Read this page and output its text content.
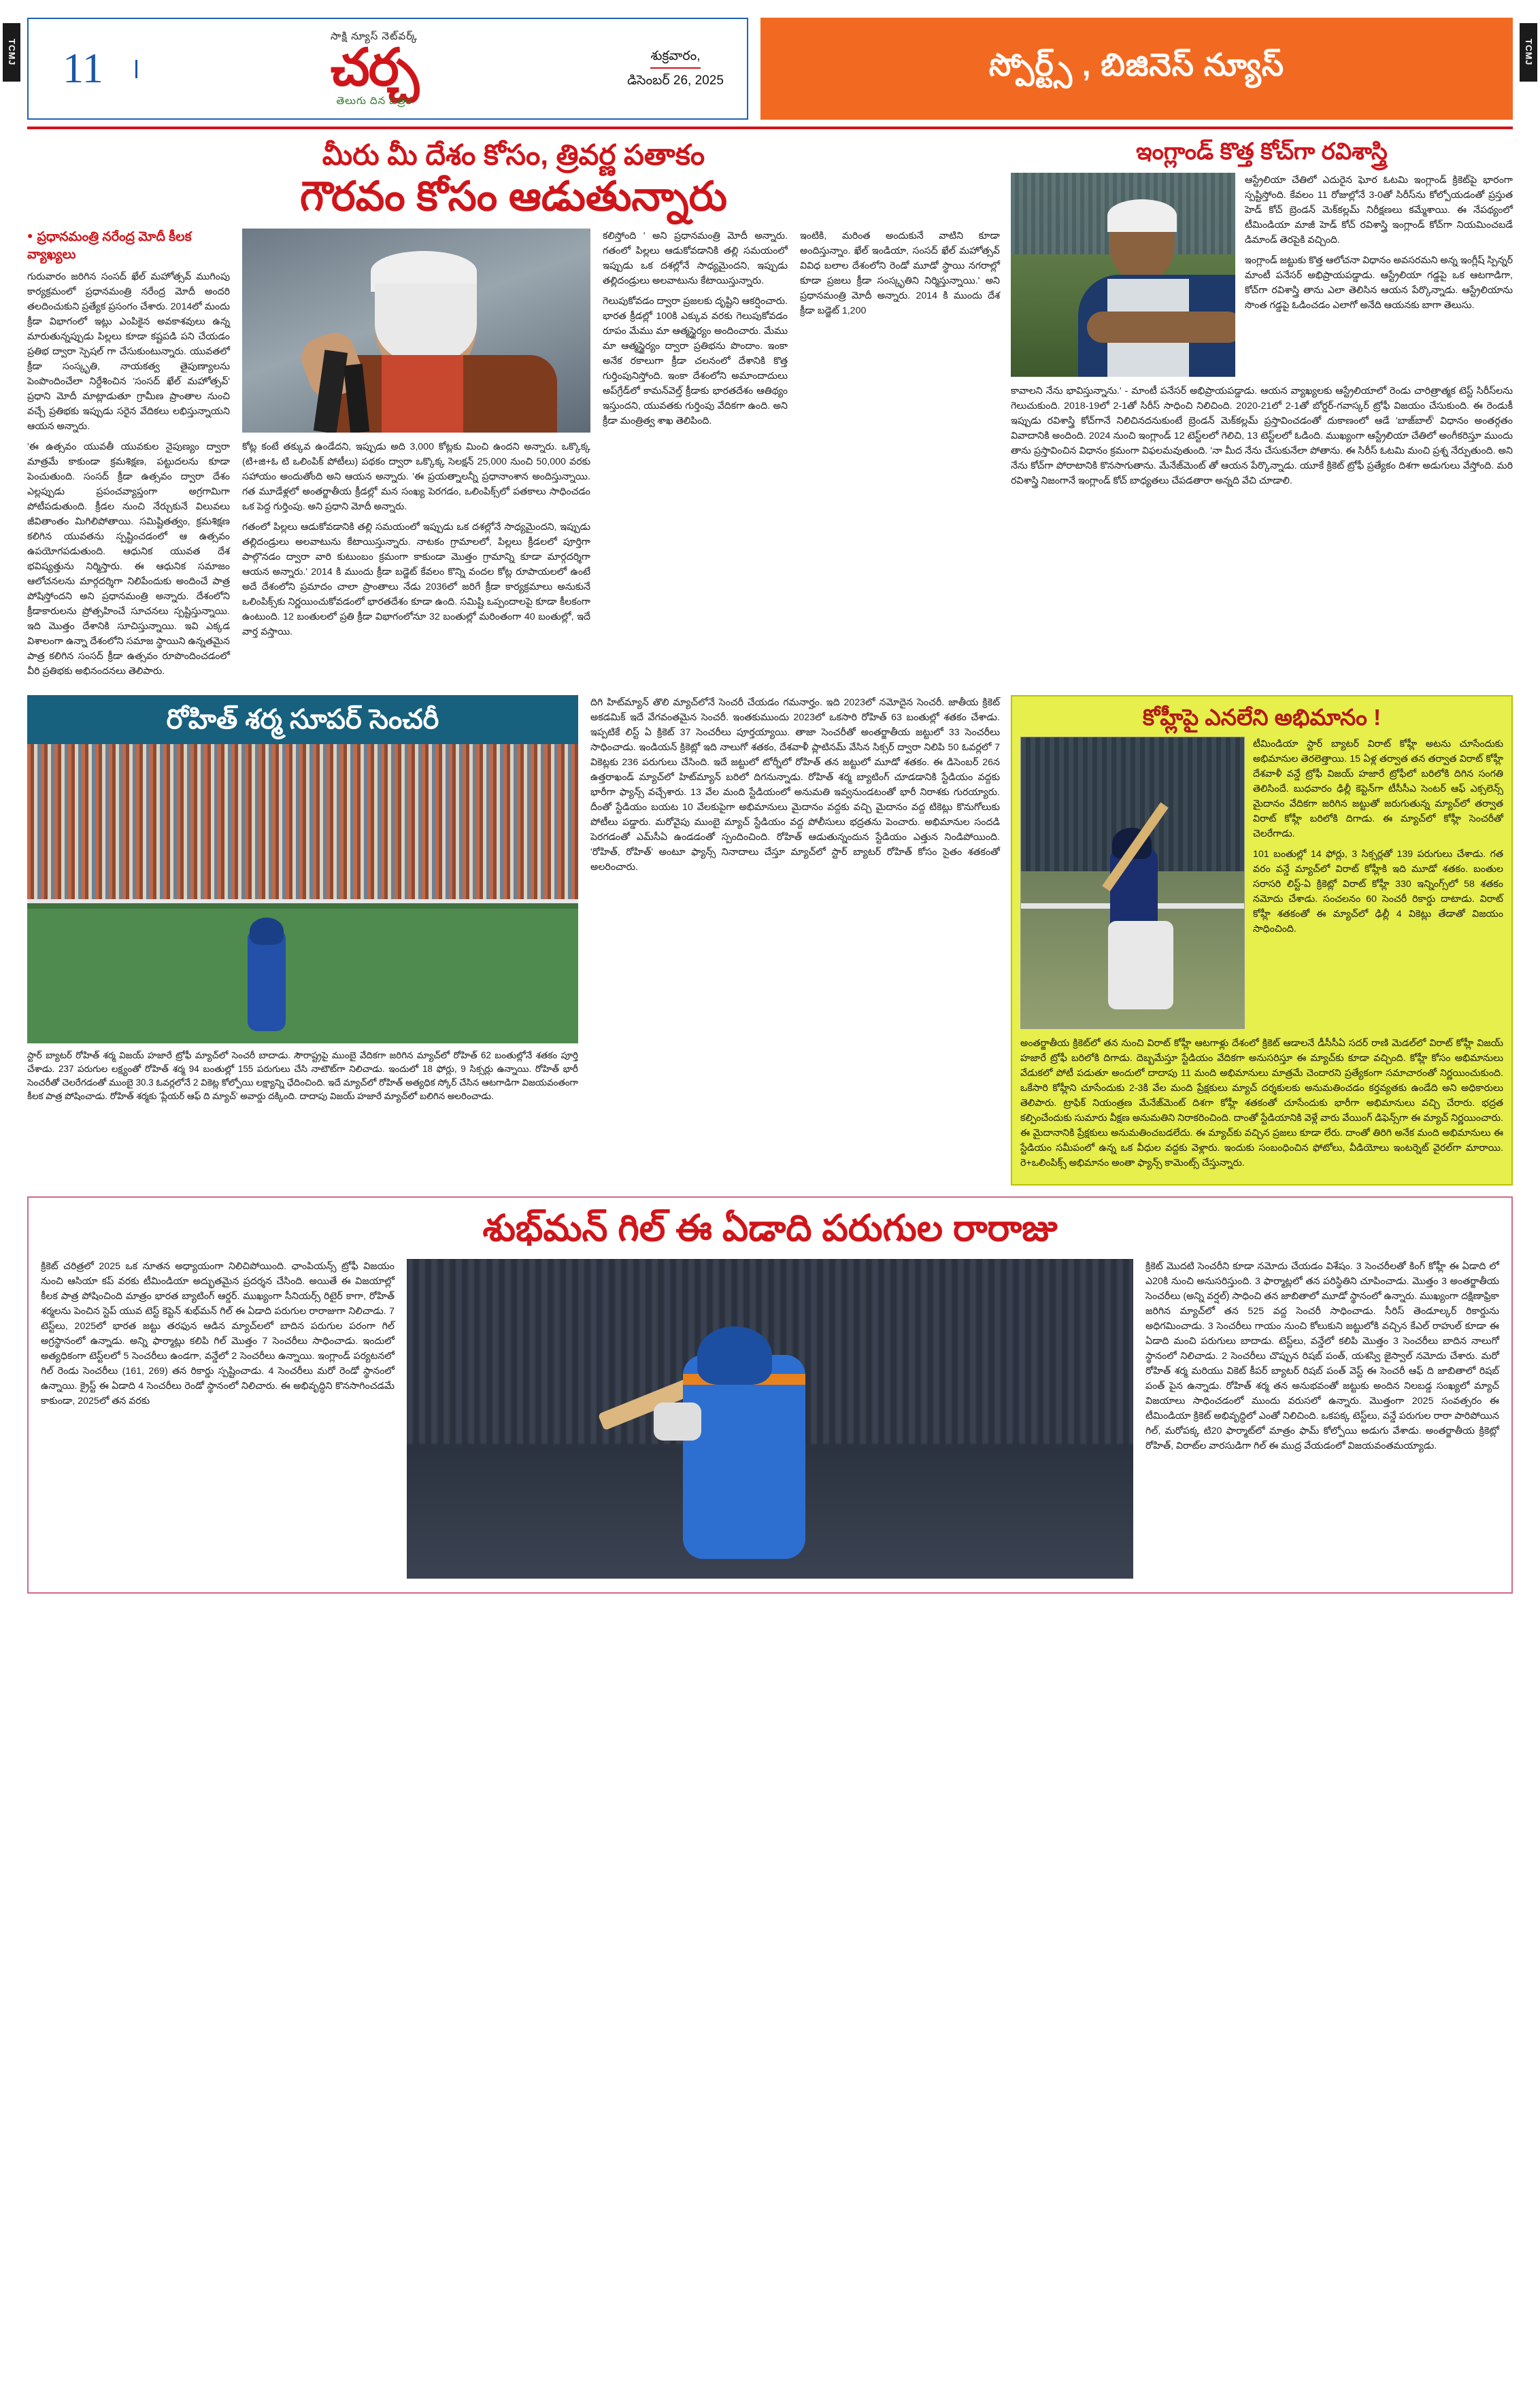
TCMJ	TCMJ
11
సాక్షి న్యూస్ నెట్‌వర్క్
చర్చ
తెలుగు దిన పత్రిక
శుక్రవారం,
డిసెంబర్ 26, 2025	స్పోర్ట్స్ , బిజినెస్ న్యూస్
మీరు మీ దేశం కోసం, త్రివర్ణ పతాకం
గౌరవం కోసం ఆడుతున్నారు
● ప్రధానమంత్రి నరేంద్ర మోదీ కీలక వ్యాఖ్యలు

గురువారం జరిగిన సంసద్ ఖేల్ మహోత్సవ్ ముగింపు కార్యక్రమంలో ప్రధానమంత్రి నరేంద్ర మోదీ అందరి తలదించుకుని ప్రత్యేక ప్రసంగం చేశారు. 2014లో మందు క్రీడా విభాగంలో ఇట్లు ఎంపికైన అవకాశవులు ఉన్న మారుతున్నప్పుడు పిల్లలు కూడా కష్టపడి పని చేయడం ప్రతిభ ద్వారా స్పెషల్ గా చేసుకుంటున్నారు. యువతలో క్రీడా సంస్కృతి, నాయకత్వ తైపుణ్యాలను పెంపొందించేలా నిర్దేశించిన 'సంసద్ ఖేల్ మహోత్సవ్' ప్రధాని మోదీ మాట్లాడుతూ గ్రామీణ ప్రాంతాల నుంచి వచ్చే ప్రతిభకు ఇప్పుడు సరైన వేదికలు లభిస్తున్నాయని ఆయన అన్నారు.

'ఈ ఉత్సవం యువతీ యువకుల నైపుణ్యం ద్వారా మాత్రమే కాకుండా క్రమశిక్షణ, పట్టుదలను కూడా పెంచుతుంది. సంసద్ క్రీడా ఉత్సవం ద్వారా దేశం ఎల్లప్పుడు ప్రపంచవ్యాప్తంగా అగ్రగామిగా పోటీపడుతుంది. క్రీడల నుంచి నేర్చుకునే విలువలు జీవితాంతం మిగిలిపోతాయి. సమిష్టితత్వం, క్రమశిక్షణ కలిగిన యువతను స్పష్టించడంలో ఆ ఉత్సవం ఉపయోగపడుతుంది. ఆధునిక యువత దేశ భవిష్యత్తును నిర్మిస్తారు. ఈ ఆధునిక సమాజం ఆలోచనలను మార్గదర్శిగా నిలిపేందుకు అందించే పాత్ర పోషిస్తోందని అని ప్రధానమంత్రి అన్నారు. దేశంలోని క్రీడాకారులను ప్రోత్సహించే సూచనలు స్పష్టిస్తున్నాయి. ఇది మొత్తం దేశానికి సూచిస్తున్నాయి. ఇవి ఎక్కడ విశాలంగా ఉన్నా దేశంలోని సమాజ స్థాయిని ఉన్నతమైన పాత్ర కలిగిన సంసద్ క్రీడా ఉత్సవం రూపొందించడంలో వీరి ప్రతిభకు అభినందనలు తెలిపారు.

కోట్ల కంటే తక్కువ ఉండేదని, ఇప్పుడు అది 3,000 కోట్లకు మించి ఉందని అన్నారు. ఒక్కొక్క (టి+జి+ఓ టి ఒలింపిక్ పోటీలు) పథకం ద్వారా ఒక్కొక్క సెలక్షన్ 25,000 నుంచి 50,000 వరకు సహాయం అందుతోంది అని ఆయన అన్నారు. 'ఈ ప్రయత్నాలన్నీ ప్రధానాంశాన అందిస్తున్నాయి. గత మూడేళ్లలో అంతర్జాతీయ క్రీడల్లో మన సంఖ్య పెరగడం, ఒలింపిక్స్‌లో పతకాలు సాధించడం ఒక పెద్ద గుర్తింపు. అని ప్రధాని మోదీ అన్నారు.

గతంలో పిల్లలు ఆడుకోవడానికి తల్లి సమయంలో ఇప్పుడు ఒక దశల్లోనే సాధ్యమైందని, ఇప్పుడు తల్లిదండ్రులు అలవాటును కేటాయిస్తున్నారు. నాటకం గ్రామాలలో, పిల్లలు క్రీడలలో పూర్తిగా పాల్గొనడం ద్వారా వారి కుటుంబం క్రమంగా కాకుండా మొత్తం గ్రామాన్ని కూడా మార్గదర్శిగా ఆయన అన్నారు.' 2014 కి ముందు క్రీడా బడ్జెట్ కేవలం కొన్ని వందల కోట్ల రూపాయలలో ఉంటే అదే దేశంలోని ప్రమాదం చాలా ప్రాంతాలు నేడు 2036లో జరిగే క్రీడా కార్యక్రమాలు అనుకునే ఒలింపిక్స్‌కు నిర్ణయించుకోవడంలో భారతదేశం కూడా ఉంది. సమిష్టి ఒప్పందాలపై కూడా కీలకంగా ఉంటుంది. 12 బంతులలో ప్రతి క్రీడా విభాగంలోనూ 32 బంతుల్లో మరింతంగా 40 బంతుల్లో, ఇదే వార్త వస్తాయి.

కలిస్తోంది ' అని ప్రధానమంత్రి మోదీ అన్నారు. గతంలో పిల్లలు ఆడుకోవడానికి తల్లి సమయంలో ఇప్పుడు ఒక దశల్లోనే సాధ్యమైందని, ఇప్పుడు తల్లిదండ్రులు అలవాటును కేటాయిస్తున్నారు.

గెలుపుకోవడం ద్వారా ప్రజలకు దృష్టిని ఆకర్షించారు. భారత క్రీడల్లో 100కి ఎక్కువ వరకు గెలుపుకోవడం రూపం మేము మా ఆత్మస్థైర్యం అందించారు. మేము మా ఆత్మస్థైర్యం ద్వారా ప్రతిభను పొందాం. ఇంకా అనేక రకాలుగా క్రీడా చలనంలో దేశానికి కొత్త గుర్తింపునిస్తోంది. ఇంకా దేశంలోని అమాందాదులు అప్‌గ్రేడ్‌లో కామన్‌వెల్త్ క్రీడాకు భారతదేశం ఆతిథ్యం ఇస్తుందని, యువతకు గుర్తింపు వేదికగా ఉంది. అని క్రీడా మంత్రిత్వ శాఖ తెలిపింది.

ఇంటికి, మరింత అందుకునే వాటిని కూడా అందిస్తున్నాం. ఖేల్ ఇండియా, సంసద్ ఖేల్ మహోత్సవ్ వివిధ బలాల దేశంలోని రెండో మూడో స్థాయి నగరాల్లో కూడా ప్రజలు క్రీడా సంస్కృతిని నిర్మిస్తున్నాయి.' అని ప్రధానమంత్రి మోదీ అన్నారు. 2014 కి ముందు దేశ క్రీడా బడ్జెట్ 1,200

ఇంగ్లాండ్ కొత్త కోచ్‌గా రవిశాస్త్రి

ఆస్ట్రేలియా చేతిలో ఎదురైన ఘోర ఓటమి ఇంగ్లాండ్ క్రికెట్‌పై భారంగా స్పష్టిస్తోంది. కేవలం 11 రోజుల్లోనే 3-0తో సిరీస్‌ను కోల్పోయడంతో ప్రస్తుత హెడ్ కోచ్ బ్రెండన్ మెక్‌కల్లమ్ నిరీక్షణలు కమ్మేశాయి. ఈ నేపథ్యంలో టీమిండియా మాజీ హెడ్ కోచ్ రవిశాస్త్రి ఇంగ్లాండ్ కోచ్‌గా నియమించబడే డిమాండ్ తెరపైకి వచ్చింది.

ఇంగ్లాండ్ జట్టుకు కొత్త ఆలోచనా విధానం అవసరమని అన్న ఇంగ్లీష్ స్పిన్నర్ మాంటీ పనేసర్ అభిప్రాయపడ్డాడు. ఆస్ట్రేలియా గడ్డపై ఒక ఆటగాడిగా, కోచ్‌గా రవిశాస్త్రి తాను ఎలా తెలిసిన ఆయన పేర్కొన్నాడు. ఆస్ట్రేలియాను సొంత గడ్డపై ఓడించడం ఎలాగో అనేది ఆయనకు బాగా తెలుసు.

కావాలని నేను భావిస్తున్నాను.' - మాంటీ పనేసర్ అభిప్రాయపడ్డాడు. ఆయన వ్యాఖ్యలకు ఆస్ట్రేలియాలో రెండు చారిత్రాత్మక టెస్ట్ సిరీస్‌లను గెలుచుకుంది. 2018-19లో 2-1తో సిరీస్ సాధించి నిలిచింది. 2020-21లో 2-1తో బోర్డర్-గవాస్కర్ ట్రోఫీ విజయం చేసుకుంది. ఈ రెండుకీ ఇప్పుడు రవిశాస్త్రి కోచ్‌గానే నిలిచినదనుకుంటే బ్రెండన్ మెక్‌కల్లమ్ ప్రస్తావించడంతో దుకాణంలో ఆడే 'బాజ్‌బాల్' విధానం అంతర్గతం వివాదానికి అందింది. 2024 నుంచి ఇంగ్లాండ్ 12 టెస్ట్‌లలో గెలిచి, 13 టెస్ట్‌లలో ఓడింది. ముఖ్యంగా ఆస్ట్రేలియా చేతిలో అంగీకరిస్తూ ముందు తాను ప్రస్తావించిన విధానం క్రమంగా విఫలమవుతుంది. 'నా మీద నేను చేసుకునేలా పోతాను. ఈ సిరీస్ ఓటమి మంచి ప్రశ్న నేర్పుతుంది. అని నేను కోచ్‌గా పోరాటానికి కొనసాగుతాను. మేనేజ్‌మెంట్ తో ఆయన పేర్కొన్నాడు. యూకే క్రికెట్ ట్రోఫీ ప్రత్యేకం దిశగా అడుగులు వేస్తోంది. మరి రవిశాస్త్రి నిజంగానే ఇంగ్లాండ్ కోచ్ బాధ్యతలు చేపడతారా అన్నది వేచి చూడాలి.

రోహిత్ శర్మ సూపర్ సెంచరీ
స్టార్ బ్యాటర్ రోహిత్ శర్మ విజయ్ హజారే ట్రోఫీ మ్యాచ్‌లో సెంచరీ బాదాడు. సౌరాష్ట్రపై ముంబై వేదికగా జరిగిన మ్యాచ్‌లో రోహిత్ 62 బంతుల్లోనే శతకం పూర్తి చేశాడు. 237 పరుగుల లక్ష్యంతో రోహిత్ శర్మ 94 బంతుల్లో 155 పరుగులు చేసి నాటౌట్‌గా నిలిచాడు. ఇందులో 18 ఫోర్లు, 9 సిక్సర్లు ఉన్నాయి. రోహిత్ భారీ సెంచరీతో చెలరేగడంతో ముంబై 30.3 ఓవర్లలోనే 2 వికెట్ల కోల్పోయి లక్ష్యాన్ని ఛేదించింది. ఇదే మ్యాచ్‌లో రోహిత్ అత్యధిక స్కోర్ చేసిన ఆటగాడిగా విజయవంతంగా కీలక పాత్ర పోషించాడు. రోహిత్ శర్మకు 'ప్లేయర్ ఆఫ్ ది మ్యాచ్' అవార్డు దక్కింది. దాదాపు విజయ్ హజారే మ్యాచ్‌లో బలిగిన అలరించాడు.

దిగి హిట్‌మ్యాన్ తొలి మ్యాచ్‌లోనే సెంచరీ చేయడం గమనార్హం. ఇది 2023లో నమోదైన సెంచరీ. జాతీయ క్రికెట్ అకడమిక్ ఇదే వేగవంతమైన సెంచరీ. ఇంతకుముందు 2023లో ఒకసారి రోహిత్ 63 బంతుల్లో శతకం చేశాడు. ఇప్పటికే లిస్ట్ ఏ క్రికెట్ 37 సెంచరీలు పూర్తయ్యాయి. తాజా సెంచరీతో అంతర్జాతీయ జట్టులో 33 సెంచరీలు సాధించాడు. ఇండియన్ క్రికెట్లో ఇది నాలుగో శతకం, దేశవాళీ ప్లాటినమ్ వేసిన సిక్సర్ ద్వారా నిలిపి 50 ఓవర్లలో 7 వికెట్లకు 236 పరుగులు చేసింది. ఇదే జట్టులో టోర్నీలో రోహిత్ తన జట్టులో మూడో శతకం. ఈ డిసెంబర్ 26న ఉత్తరాఖండ్ మ్యాచ్‌లో హిట్‌మ్యాన్ బరిలో దిగనున్నాడు. రోహిత్ శర్మ బ్యాటింగ్ చూడడానికి స్టేడియం వద్దకు భారీగా ఫ్యాన్స్ వచ్చేశారు. 13 వేల మంది స్టేడియంలో అనుమతి ఇవ్వనుండటంతో భారీ నిరాశకు గురయ్యారు. దీంతో స్టేడియం బయట 10 వేలకుపైగా అభిమానులు మైదానం వద్దకు వచ్చి మైదానం వద్ద టికెట్లు కొనుగోలుకు పోటీలు పడ్డారు. మరోవైపు ముంబై మ్యాచ్ స్టేడియం వద్ద పోలీసులు భద్రతను పెంచారు. అభిమానుల సందడి పెరగడంతో ఎమ్‌సీఏ ఉండడంతో స్పందించింది. రోహిత్ ఆడుతున్నందున స్టేడియం ఎత్తున నిండిపోయింది. 'రోహిత్, రోహిత్' అంటూ ఫ్యాన్స్ నినాదాలు చేస్తూ మ్యాచ్‌లో స్టార్ బ్యాటర్ రోహిత్ కోసం సైతం శతకంతో అలరించారు.

కోహ్లీపై ఎనలేని అభిమానం !

టీమిండియా స్టార్ బ్యాటర్ విరాట్ కోహ్లీ అటను చూసేందుకు అభిమానుల తెరలెత్తాయి. 15 ఏళ్ల తర్వాత తన తర్వాత విరాట్ కోహ్లీ దేశవాళీ వన్డే ట్రోఫీ విజయ్ హజారే ట్రోఫీలో బరిలోకి దిగిన సంగతి తెలిసిందే. బుధవారం ఢిల్లీ కెప్టెన్‌గా టీసీసీఎ సెంటర్ ఆఫ్ ఎక్సలెన్స్ మైదానం వేదికగా జరిగిన జట్టుతో జరుగుతున్న మ్యాచ్‌లో తర్వాత విరాట్ కోహ్లీ బరిలోకి దిగాడు. ఈ మ్యాచ్‌లో కోహ్లీ సెంచరీతో చెలరేగాడు.

101 బంతుల్లో 14 ఫోర్లు, 3 సిక్సర్లతో 139 పరుగులు చేశాడు. గత వరం వన్డే మ్యాచ్‌లో విరాట్ కోహ్లీకి ఇది మూడో శతకం. బంతుల సరాసరి లిస్ట్-ఏ క్రికెట్లో విరాట్ కోహ్లీ 330 ఇన్నింగ్స్‌లో 58 శతకం నమోదు చేశాడు. సంచలనం 60 సెంచరీ రికార్డు దాటాడు. విరాట్ కోహ్లీ శతకంతో ఈ మ్యాచ్‌లో ఢిల్లీ 4 వికెట్లు తేడాతో విజయం సాధించింది.

అంతర్జాతీయ క్రికెట్‌లో తన నుంచి విరాట్ కోహ్లీ ఆటగాళ్లు దేశంలో క్రికెట్ ఆడాలనే డీసీసీఏ సదర్ రాణి మెడల్‌లో విరాట్ కోహ్లీ విజయ్ హజారే ట్రోఫీ బరిలోకి దిగాడు. దెబ్బమేస్తూ స్టేడియం వేదికగా అనుసరిస్తూ ఈ మ్యాచ్‌కు కూడా వచ్చింది. కోహ్లీ కోసం అభిమానులు వేడుకలో పోటీ పడుతూ అందులో దాదాపు 11 మంది అభిమానులు మాత్రమే చెందారని ప్రత్యేకంగా సమాచారంతో నిర్ణయించుకుంది. ఒకేసారి కోహ్లీని చూసేందుకు 2-3కి వేల మంది ప్రేక్షకులు మ్యాచ్ దర్శకులకు అనుమతించడం కర్తవ్యతకు ఉండేది అని అధికారులు తెలిపారు. ట్రాఫిక్ నియంత్రణ మేనేజ్‌మెంట్ దిశగా కోహ్లీ శతకంతో చూసేందుకు భారీగా అభిమానులు వచ్చి చేరారు. భద్రత కల్పించేందుకు సుమారు వీక్షణ అనుమతిని నిరాకరించింది. దాంతో స్టేడియానికి వెళ్లే వారు వేయింగ్ డిఫెన్స్‌గా ఈ మ్యాచ్ నిర్ణయించారు. ఈ మైదానానికి ప్రేక్షకులు అనుమతించబడలేదు. ఈ మ్యాచ్‌కు వచ్చిన ప్రజలు కూడా లేరు. దాంతో తిరిగి అనేక మంది అభిమానులు ఈ స్టేడియం సమీపంలో ఉన్న ఒక వీధుల వద్దకు వెళ్లారు. ఇందుకు సంబంధించిన ఫోటోలు, వీడియోలు ఇంటర్నెట్ వైరల్‌గా మారాయి. రె+ఒలింపిక్స్ అభిమానం అంతా ఫ్యాన్స్ కామెంట్స్ చేస్తున్నారు.

శుభ్‌మన్ గిల్ ఈ ఏడాది పరుగుల రారాజు

క్రికెట్ చరిత్రలో 2025 ఒక నూతన అధ్యాయంగా నిలిచిపోయింది. ఛాంపియన్స్ ట్రోఫీ విజయం నుంచి ఆసియా కప్ వరకు టీమిండియా అద్భుతమైన ప్రదర్శన చేసింది. అయితే ఈ విజయాల్లో కీలక పాత్ర పోషించింది మాత్రం భారత బ్యాటింగ్ ఆర్డర్. ముఖ్యంగా సీనియర్స్ రిటైర్ కాగా, రోహిత్ శర్మలను పెంచిన స్టెప్ యువ టెస్ట్ కెప్టెన్ శుభ్‌మన్ గిల్ ఈ ఏడాది పరుగుల రారాజుగా నిలిచాడు. 7 టెస్ట్‌లు, 2025లో భారత జట్టు తరఫున ఆడిన మ్యాచ్‌లలో బాదిన పరుగుల పరంగా గిల్ అగ్రస్థానంలో ఉన్నాడు. అన్ని ఫార్మాట్లు కలిపి గిల్ మొత్తం 7 సెంచరీలు సాధించాడు. ఇందులో అత్యధికంగా టెస్ట్‌లలో 5 సెంచరీలు ఉండగా, వన్డేలో 2 సెంచరీలు ఉన్నాయి. ఇంగ్లాండ్ పర్యటనలో గిల్ రెండు సెంచరీలు (161, 269) తన రికార్డు స్పష్టించాడు. 4 సెంచరీలు మరో రెండో స్థానంలో ఉన్నాయి. క్రైస్ట్ ఈ ఏడాది 4 సెంచరీలు రెండో స్థానంలో నిలిచారు. ఈ అభివృద్ధిని కొనసాగించడమే కాకుండా, 2025లో తన వరకు

క్రికెట్ మొదటి సెంచరీని కూడా నమోదు చేయడం విశేషం. 3 సెంచరీలతో కింగ్ కోహ్లీ ఈ ఏడాది లో ఎ20కి నుంచి అనుసరిస్తుంది. 3 ఫార్మాట్లలో తన పరిస్థితిని చూపించాడు. మొత్తం 3 అంతర్జాతీయ సెంచరీలు (అన్ని వర్షల్) సాధించి తన జాబితాలో మూడో స్థానంలో ఉన్నారు. ముఖ్యంగా దక్షిణాఫ్రికా జరిగిన మ్యాచ్‌లో తన 525 వద్ద సెంచరీ సాధించాడు. సీరిస్ తెండూల్కర్ రికార్డును అధిగమించాడు. 3 సెంచరీలు గాయం నుంచి కోలుకుని జట్టులోకి వచ్చిన కేఎల్ రాహుల్ కూడా ఈ ఏడాది మంచి పరుగులు బాదాడు. టెస్ట్‌లు, వన్డేలో కలిపి మొత్తం 3 సెంచరీలు బాదిన నాలుగో స్థానంలో నిలిచాడు. 2 సెంచరీలు చొప్పున రిషబ్ పంత్, యశస్వి జైస్వాల్ నమోదు చేశారు. మరో రోహిత్ శర్మ మరియు వికెట్ కీపర్ బ్యాటర్ రిషబ్ పంత్ వెస్ట్ ఈ సెంచరీ ఆఫ్ ది జాబితాలో రిషబ్ పంత్ పైన ఉన్నాడు. రోహిత్ శర్మ తన అనుభవంతో జట్టుకు అందిన నిలబడ్డ సంఖ్యలో మ్యాచ్ విజయాలు సాధించడంలో ముందు వరుసలో ఉన్నారు. మొత్తంగా 2025 సంవత్సరం ఈ టీమిండియా క్రికెట్ అభివృద్ధిలో ఎంతో నిలిచింది. ఒకపక్క టెస్ట్‌లు, వన్డే పరుగుల రారా పారిపోయిన గిల్, మరోపక్క టి20 ఫార్మాట్‌లో మాత్రం ఫామ్ కోల్పోయి అడుగు వేశాడు. అంతర్జాతీయ క్రికెట్లో రోహిత్, విరాట్‌ల వారసుడిగా గిల్ ఈ ముద్ర వేయడంలో విజయవంతమయ్యాడు.
